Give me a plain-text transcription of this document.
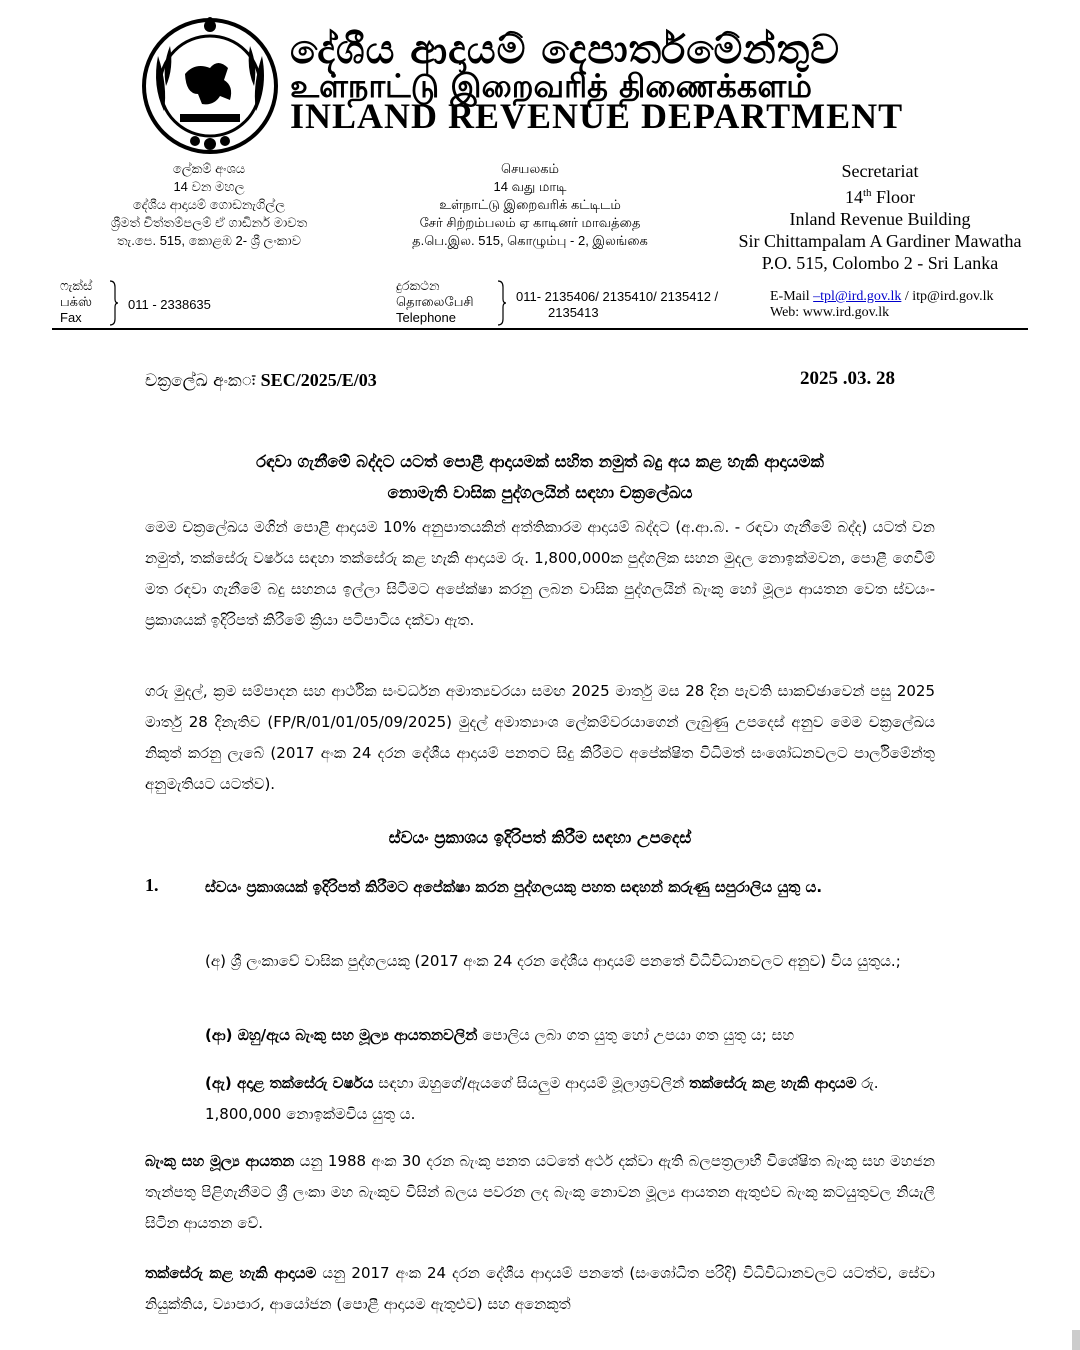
දේශීය ආදායම් දෙපාර්තමේන්තුව
உள்நாட்டு இறைவரித் திணைக்களம்
INLAND REVENUE DEPARTMENT
ලේකම් අංශය
14 වන මහල
දේශීය ආදායම් ගොඩනැගිල්ල
ශ්‍රීමත් චිත්තම්පලම් ඒ ගාඩිනර් මාවත
තැ.පෙ. 515, කොළඹ 2- ශ්‍රී ලංකාව
செயலகம்
14 வது மாடி
உள்நாட்டு இறைவரிக் கட்டிடம்
சேர் சிற்றம்பலம் ஏ காடினர் மாவத்தை
த.பெ.இல. 515, கொழும்பு - 2, இலங்கை
Secretariat
14th Floor
Inland Revenue Building
Sir Chittampalam A Gardiner Mawatha
P.O. 515, Colombo 2 - Sri Lanka
ෆැක්ස්
பக்ஸ்
Fax
011 - 2338635
දුරකථන
தொலைபேசி
Telephone
011- 2135406/ 2135410/ 2135412 /
2135413
E-Mail –tpl@ird.gov.lk / itp@ird.gov.lk
Web: www.ird.gov.lk
චක්‍රලේඛ අංකः SEC/2025/E/03	2025 .03. 28
රඳවා ගැනීමේ බද්දට යටත් පොළී ආදායමක් සහිත නමුත් බදු අය කළ හැකි ආදායමක්
නොමැති වාසික පුද්ගලයින් සඳහා චක්‍රලේඛය
මෙම චක්‍රලේඛය මගින් පොළී ආදායම 10% අනුපාතයකින් අත්තිකාරම ආදායම් බද්දට (අ.ආ.බ. - රඳවා ගැනීමේ බද්ද) යටත් වන නමුත්, තක්සේරු වර්ෂය සඳහා තක්සේරු කළ හැකි ආදායම රු. 1,800,000ක පුද්ගලික සහන මුදල නොඉක්මවන, පොළී ගෙවීම් මත රඳවා ගැනීමේ බදු සහනය ඉල්ලා සිටීමට අපේක්ෂා කරනු ලබන වාසික පුද්ගලයින් බැංකු හෝ මූල්‍ය ආයතන වෙත ස්වයං-ප්‍රකාශයක් ඉදිරිපත් කිරීමේ ක්‍රියා පටිපාටිය දක්වා ඇත.
ගරු මුදල්, ක්‍රම සම්පාදන සහ ආර්ථික සංවර්ධන අමාත්‍යවරයා සමඟ 2025 මාර්තු මස 28 දින පැවති සාකච්ඡාවෙන් පසු 2025 මාර්තු 28 දිනැතිව (FP/R/01/01/05/09/2025) මුදල් අමාත්‍යාංශ ලේකම්වරයාගෙන් ලැබුණු උපදෙස් අනුව මෙම චක්‍රලේඛය නිකුත් කරනු ලැබේ (2017 අංක 24 දරන දේශීය ආදායම් පනතට සිදු කිරීමට අපේක්ෂිත විධිමත් සංශෝධනවලට පාර්ලිමේන්තු අනුමැතියට යටත්ව).
ස්වයං ප්‍රකාශය ඉදිරිපත් කිරීම සඳහා උපදෙස්
1.	ස්වයං ප්‍රකාශයක් ඉදිරිපත් කිරීමට අපේක්ෂා කරන පුද්ගලයකු පහත සඳහන් කරුණු සපුරාලිය යුතු ය.
(අ) ශ්‍රී ලංකාවේ වාසික පුද්ගලයකු (2017 අංක 24 දරන දේශීය ආදායම් පනතේ විධිවිධානවලට අනුව) විය යුතුය.;
(ආ) ඔහු/ඇය බැංකු සහ මූල්‍ය ආයතනවලින් පොලිය ලබා ගත යුතු හෝ උපයා ගත යුතු ය; සහ
(ඇ) අදාළ තක්සේරු වර්ෂය සඳහා ඔහුගේ/ඇයගේ සියලුම ආදායම් මූලාශ්‍රවලින් තක්සේරු කළ හැකි ආදායම රු. 1,800,000 නොඉක්මවිය යුතු ය.
බැංකු සහ මූල්‍ය ආයතන යනු 1988 අංක 30 දරන බැංකු පනත යටතේ අර්ථ දක්වා ඇති බලපත්‍රලාභී විශේෂිත බැංකු සහ මහජන තැන්පතු පිළිගැනීමට ශ්‍රී ලංකා මහ බැංකුව විසින් බලය පවරන ලද බැංකු නොවන මූල්‍ය ආයතන ඇතුළුව බැංකු කටයුතුවල නියැලී සිටින ආයතන වේ.
තක්සේරු කළ හැකි ආදායම යනු 2017 අංක 24 දරන දේශීය ආදායම් පනතේ (සංශෝධිත පරිදි) විධිවිධානවලට යටත්ව, සේවා නියුක්තිය, ව්‍යාපාර, ආයෝජන (පොළී ආදායම ඇතුළුව) සහ අනෙකුත්
